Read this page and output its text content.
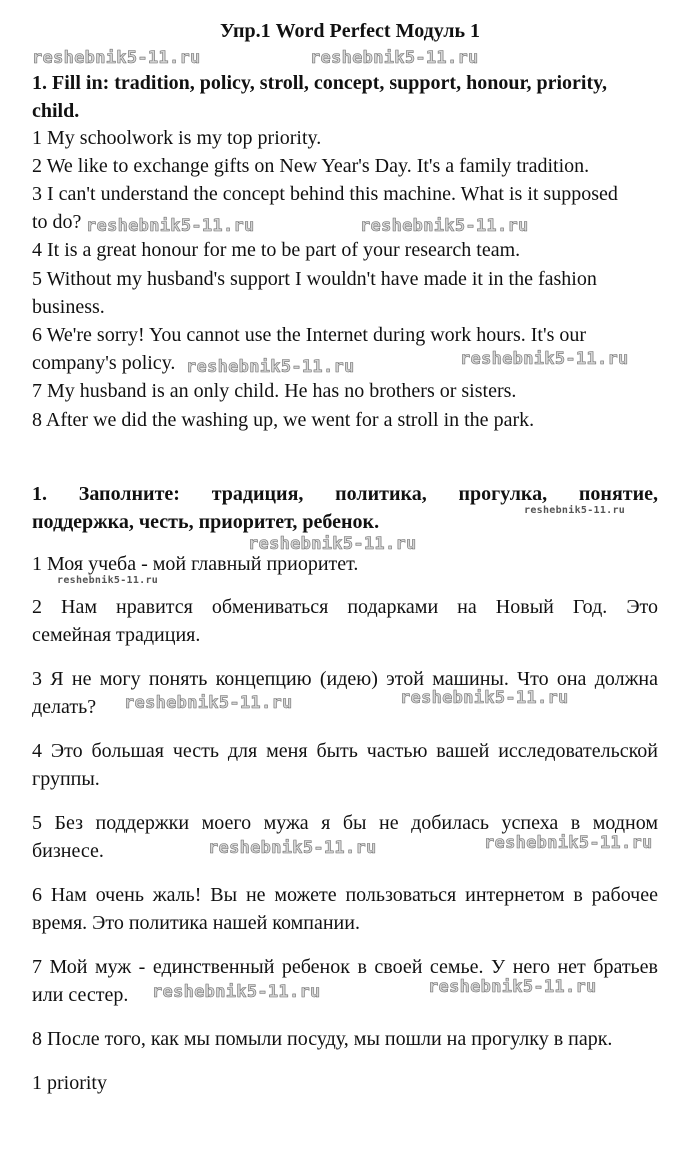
Упр.1 Word Perfect Модуль 1
1. Fill in: tradition, policy, stroll, concept, support, honour, priority,
child.
1 My schoolwork is my top priority.
2 We like to exchange gifts on New Year's Day. It's a family tradition.
3 I can't understand the concept behind this machine. What is it supposed
to do?
4 It is a great honour for me to be part of your research team.
5 Without my husband's support I wouldn't have made it in the fashion
business.
6 We're sorry! You cannot use the Internet during work hours. It's our
company's policy.
7 My husband is an only child. He has no brothers or sisters.
8 After we did the washing up, we went for a stroll in the park.
1. Заполните: традиция, политика, прогулка, понятие,
поддержка, честь, приоритет, ребенок.
1 Моя учеба - мой главный приоритет.
2 Нам нравится обмениваться подарками на Новый Год. Это
семейная традиция.
3 Я не могу понять концепцию (идею) этой машины. Что она должна
делать?
4 Это большая честь для меня быть частью вашей исследовательской
группы.
5 Без поддержки моего мужа я бы не добилась успеха в модном
бизнесе.
6 Нам очень жаль! Вы не можете пользоваться интернетом в рабочее
время. Это политика нашей компании.
7 Мой муж - единственный ребенок в своей семье. У него нет братьев
или сестер.
8 После того, как мы помыли посуду, мы пошли на прогулку в парк.
1 priority
reshebnik5-11.ru	reshebnik5-11.ru
reshebnik5-11.ru	reshebnik5-11.ru
reshebnik5-11.ru	reshebnik5-11.ru
reshebnik5-11.ru
reshebnik5-11.ru
reshebnik5-11.ru
reshebnik5-11.ru	reshebnik5-11.ru
reshebnik5-11.ru	reshebnik5-11.ru
reshebnik5-11.ru	reshebnik5-11.ru
